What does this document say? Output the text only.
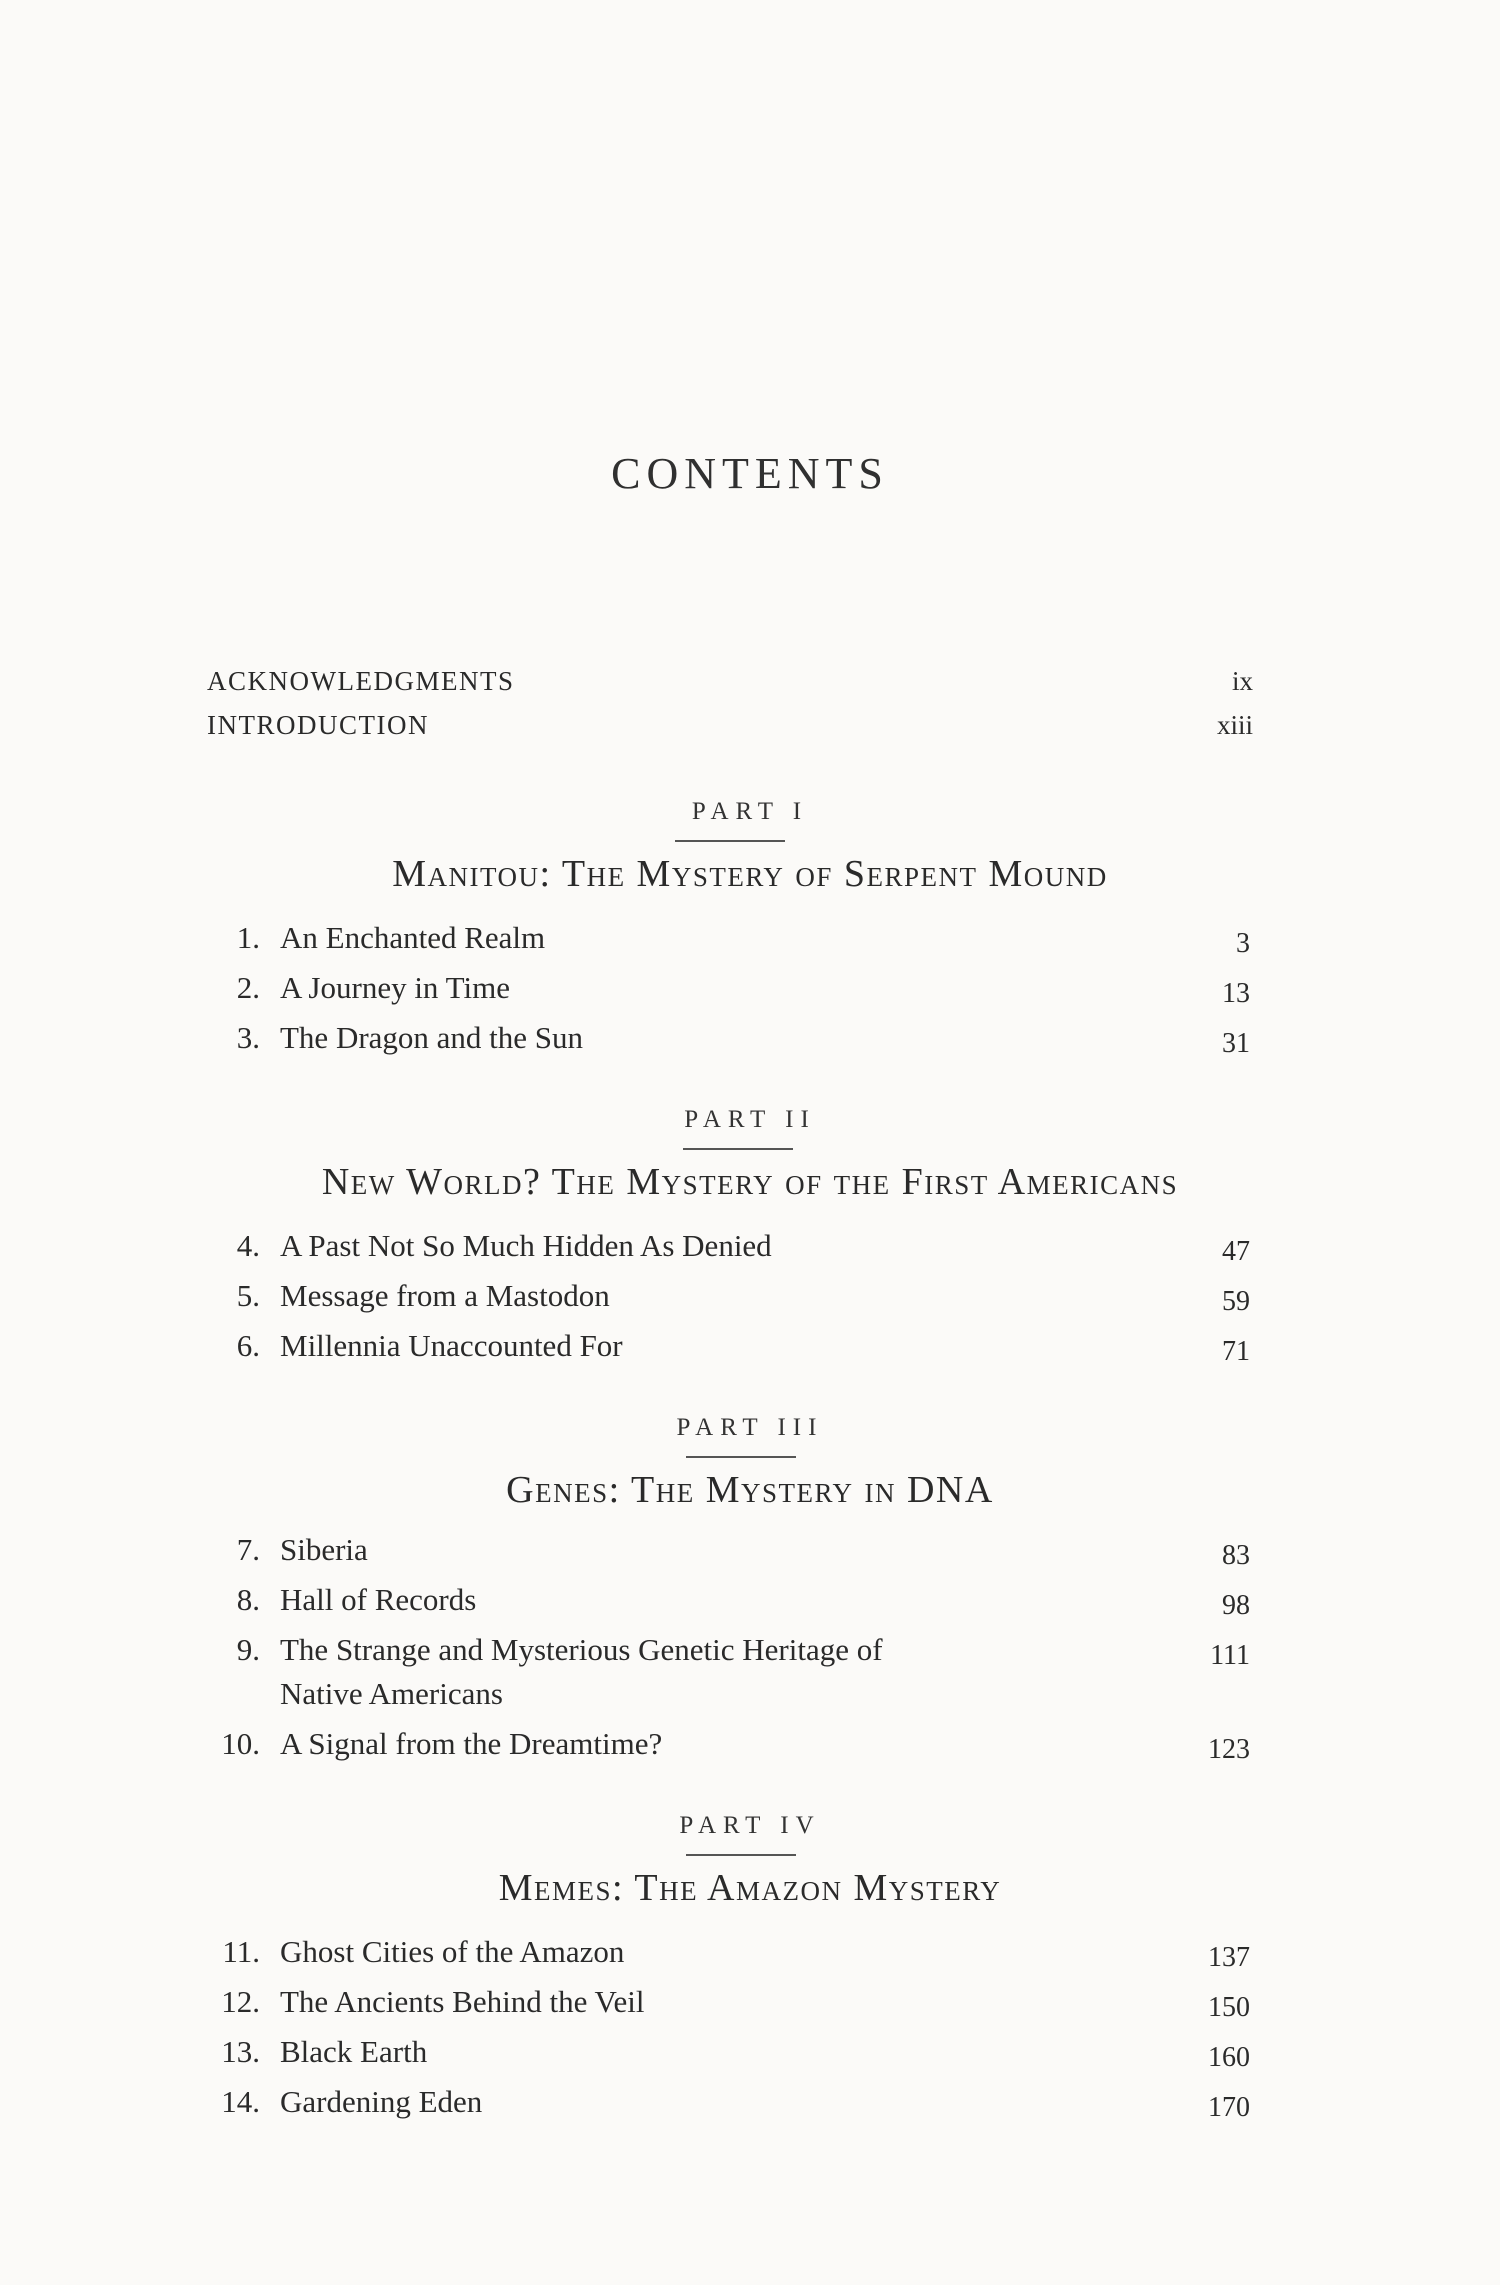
CONTENTS
ACKNOWLEDGMENTS	ix
INTRODUCTION	xiii
PART I
Manitou: The Mystery of Serpent Mound
1. An Enchanted Realm	3
2. A Journey in Time	13
3. The Dragon and the Sun	31
PART II
New World? The Mystery of the First Americans
4. A Past Not So Much Hidden As Denied	47
5. Message from a Mastodon	59
6. Millennia Unaccounted For	71
PART III
Genes: The Mystery in DNA
7. Siberia	83
8. Hall of Records	98
9. The Strange and Mysterious Genetic Heritage of	111
Native Americans
10. A Signal from the Dreamtime?	123
PART IV
Memes: The Amazon Mystery
11. Ghost Cities of the Amazon	137
12. The Ancients Behind the Veil	150
13. Black Earth	160
14. Gardening Eden	170
